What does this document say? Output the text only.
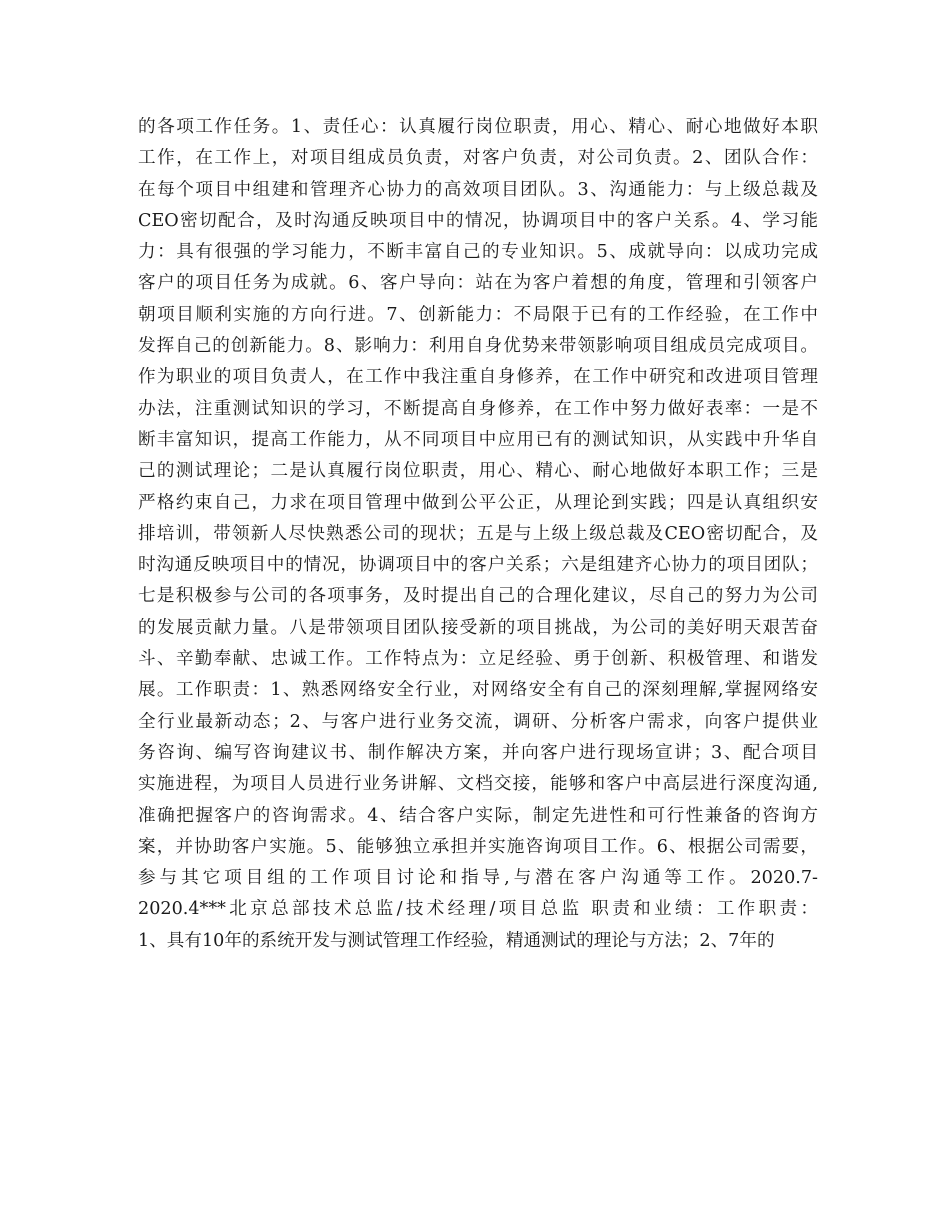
的各项工作任务。1、责任心：认真履行岗位职责，用心、精心、耐心地做好本职
工作，在工作上，对项目组成员负责，对客户负责，对公司负责。2、团队合作：
在每个项目中组建和管理齐心协力的高效项目团队。3、沟通能力：与上级总裁及
CEO密切配合，及时沟通反映项目中的情况，协调项目中的客户关系。4、学习能
力：具有很强的学习能力，不断丰富自己的专业知识。5、成就导向：以成功完成
客户的项目任务为成就。6、客户导向：站在为客户着想的角度，管理和引领客户
朝项目顺利实施的方向行进。7、创新能力：不局限于已有的工作经验，在工作中
发挥自己的创新能力。8、影响力：利用自身优势来带领影响项目组成员完成项目。
作为职业的项目负责人，在工作中我注重自身修养，在工作中研究和改进项目管理
办法，注重测试知识的学习，不断提高自身修养，在工作中努力做好表率：一是不
断丰富知识，提高工作能力，从不同项目中应用已有的测试知识，从实践中升华自
己的测试理论；二是认真履行岗位职责，用心、精心、耐心地做好本职工作；三是
严格约束自己，力求在项目管理中做到公平公正，从理论到实践；四是认真组织安
排培训，带领新人尽快熟悉公司的现状；五是与上级上级总裁及CEO密切配合，及
时沟通反映项目中的情况，协调项目中的客户关系；六是组建齐心协力的项目团队；
七是积极参与公司的各项事务，及时提出自己的合理化建议，尽自己的努力为公司
的发展贡献力量。八是带领项目团队接受新的项目挑战，为公司的美好明天艰苦奋
斗、辛勤奉献、忠诚工作。工作特点为：立足经验、勇于创新、积极管理、和谐发
展。工作职责：1、熟悉网络安全行业，对网络安全有自己的深刻理解,掌握网络安
全行业最新动态；2、与客户进行业务交流，调研、分析客户需求，向客户提供业
务咨询、编写咨询建议书、制作解决方案，并向客户进行现场宣讲；3、配合项目
实施进程，为项目人员进行业务讲解、文档交接，能够和客户中高层进行深度沟通,
准确把握客户的咨询需求。4、结合客户实际，制定先进性和可行性兼备的咨询方
案，并协助客户实施。5、能够独立承担并实施咨询项目工作。6、根据公司需要，
参与其它项目组的工作项目讨论和指导,与潜在客户沟通等工作。2020.7-
2020.4***北京总部技术总监/技术经理/项目总监 职责和业绩：工作职责：
1、具有10年的系统开发与测试管理工作经验，精通测试的理论与方法；2、7年的
